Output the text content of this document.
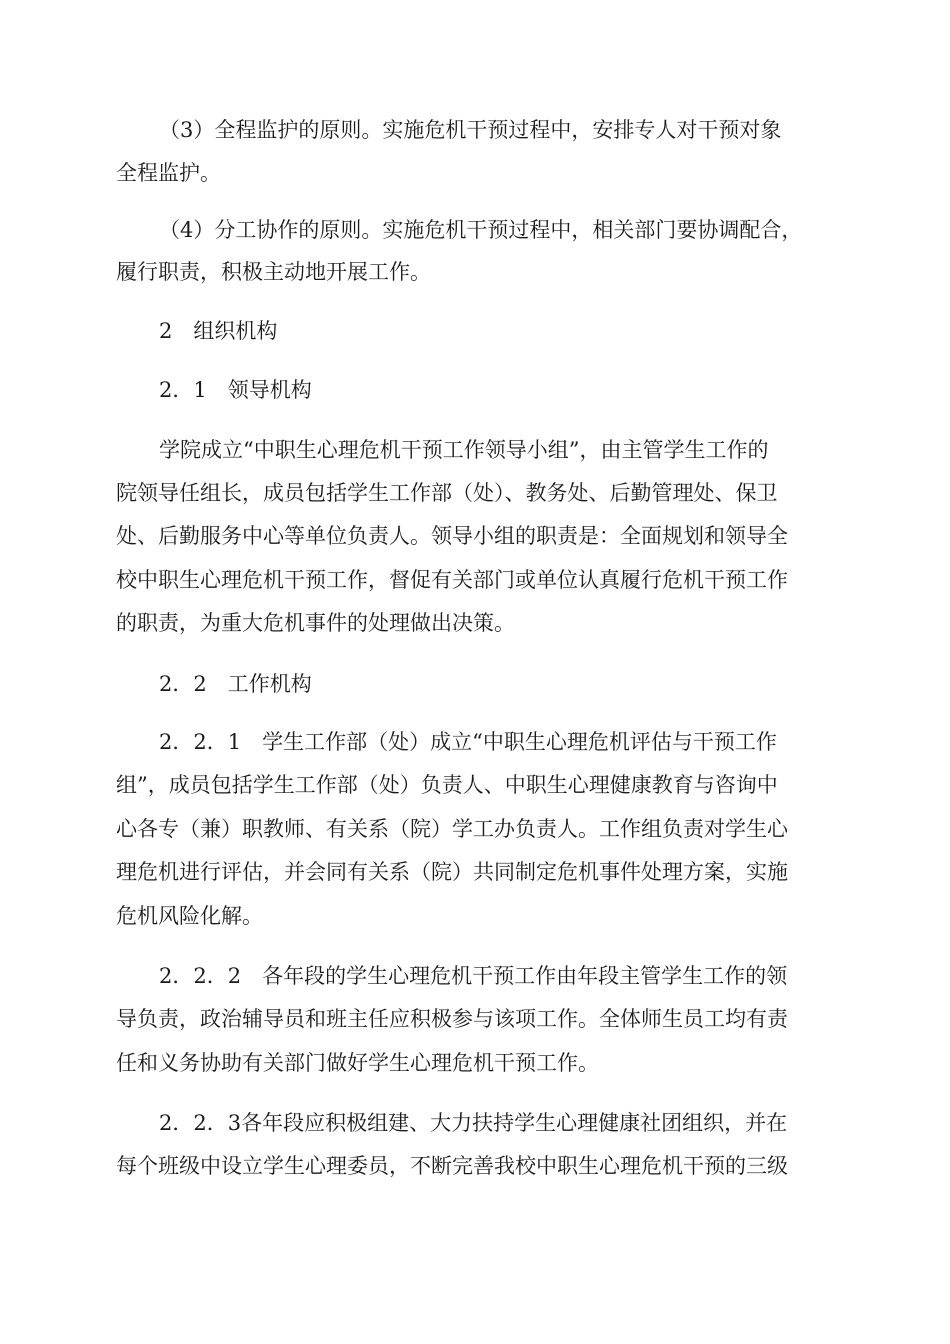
（3）全程监护的原则。实施危机干预过程中，安排专人对干预对象
全程监护。
（4）分工协作的原则。实施危机干预过程中，相关部门要协调配合，
履行职责，积极主动地开展工作。
2　组织机构
2．1　领导机构
学院成立“中职生心理危机干预工作领导小组”，由主管学生工作的
院领导任组长，成员包括学生工作部（处）、教务处、后勤管理处、保卫
处、后勤服务中心等单位负责人。领导小组的职责是：全面规划和领导全
校中职生心理危机干预工作，督促有关部门或单位认真履行危机干预工作
的职责，为重大危机事件的处理做出决策。
2．2　工作机构
2．2．1　学生工作部（处）成立“中职生心理危机评估与干预工作
组”，成员包括学生工作部（处）负责人、中职生心理健康教育与咨询中
心各专（兼）职教师、有关系（院）学工办负责人。工作组负责对学生心
理危机进行评估，并会同有关系（院）共同制定危机事件处理方案，实施
危机风险化解。
2．2．2　各年段的学生心理危机干预工作由年段主管学生工作的领
导负责，政治辅导员和班主任应积极参与该项工作。全体师生员工均有责
任和义务协助有关部门做好学生心理危机干预工作。
2．2．3各年段应积极组建、大力扶持学生心理健康社团组织，并在
每个班级中设立学生心理委员，不断完善我校中职生心理危机干预的三级
